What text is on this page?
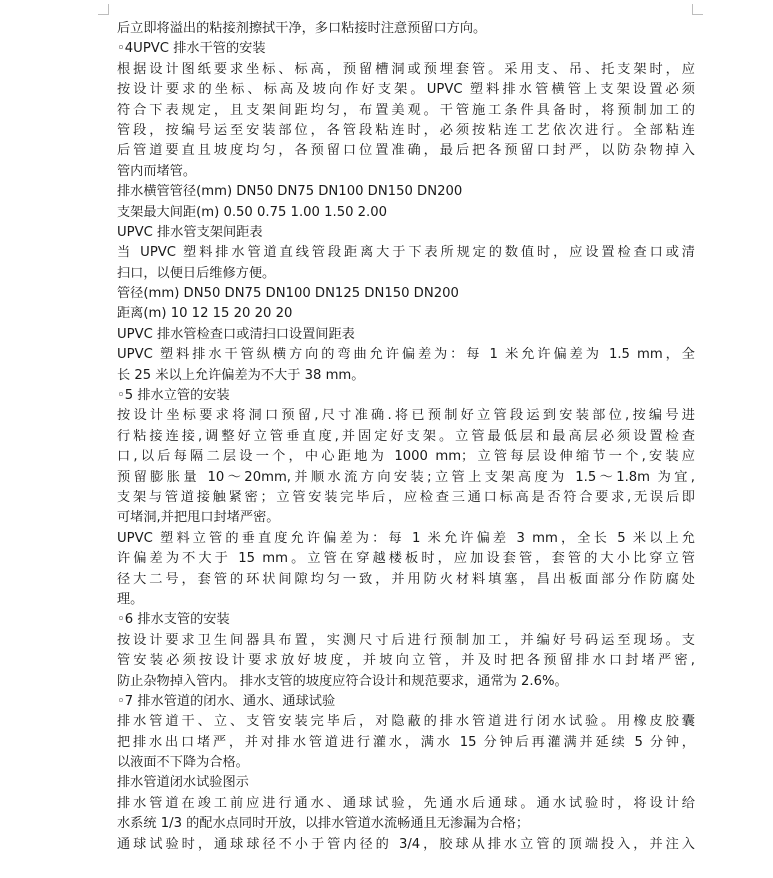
后立即将溢出的粘接剂擦拭干净，多口粘接时注意预留口方向。
◦4UPVC 排水干管的安装
根据设计图纸要求坐标、标高，预留槽洞或预埋套管。采用支、吊、托支架时，应
按设计要求的坐标、标高及坡向作好支架。UPVC 塑料排水管横管上支架设置必须
符合下表规定，且支架间距均匀，布置美观。干管施工条件具备时，将预制加工的
管段，按编号运至安装部位，各管段粘连时，必须按粘连工艺依次进行。全部粘连
后管道要直且坡度均匀，各预留口位置准确，最后把各预留口封严，以防杂物掉入
管内而堵管。
排水横管管径(mm) DN50 DN75 DN100 DN150 DN200
支架最大间距(m) 0.50 0.75 1.00 1.50 2.00
UPVC 排水管支架间距表
当 UPVC 塑料排水管道直线管段距离大于下表所规定的数值时，应设置检查口或清
扫口，以便日后维修方便。
管径(mm) DN50 DN75 DN100 DN125 DN150 DN200
距离(m) 10 12 15 20 20 20
UPVC 排水管检查口或清扫口设置间距表
UPVC 塑料排水干管纵横方向的弯曲允许偏差为：每 1 米允许偏差为 1.5 mm，全
长 25 米以上允许偏差为不大于 38 mm。
◦5 排水立管的安装
按设计坐标要求将洞口预留,尺寸准确.将已预制好立管段运到安装部位,按编号进
行粘接连接,调整好立管垂直度,并固定好支架。立管最低层和最高层必须设置检查
口,以后每隔二层设一个，中心距地为 1000 mm；立管每层设伸缩节一个,安装应
预留膨胀量 10～20mm,并顺水流方向安装;立管上支架高度为 1.5～1.8m 为宜,
支架与管道接触紧密；立管安装完毕后，应检查三通口标高是否符合要求,无误后即
可堵洞,并把甩口封堵严密。
UPVC 塑料立管的垂直度允许偏差为：每 1 米允许偏差 3 mm，全长 5 米以上允
许偏差为不大于 15 mm。立管在穿越楼板时，应加设套管，套管的大小比穿立管
径大二号，套管的环状间隙均匀一致，并用防火材料填塞，昌出板面部分作防腐处
理。
◦6 排水支管的安装
按设计要求卫生间器具布置，实测尺寸后进行预制加工，并编好号码运至现场。支
管安装必须按设计要求放好坡度，并坡向立管，并及时把各预留排水口封堵严密,
防止杂物掉入管内。 排水支管的坡度应符合设计和规范要求，通常为 2.6%。
◦7 排水管道的闭水、通水、通球试验
排水管道干、立、支管安装完毕后，对隐蔽的排水管道进行闭水试验。用橡皮胶囊
把排水出口堵严，并对排水管道进行灌水，满水 15 分钟后再灌满并延续 5 分钟，
以液面不下降为合格。
排水管道闭水试验图示
排水管道在竣工前应进行通水、通球试验，先通水后通球。通水试验时，将设计给
水系统 1/3 的配水点同时开放，以排水管道水流畅通且无渗漏为合格；
通球试验时，通球球径不小于管内径的 3/4，胶球从排水立管的顶端投入，并注入
